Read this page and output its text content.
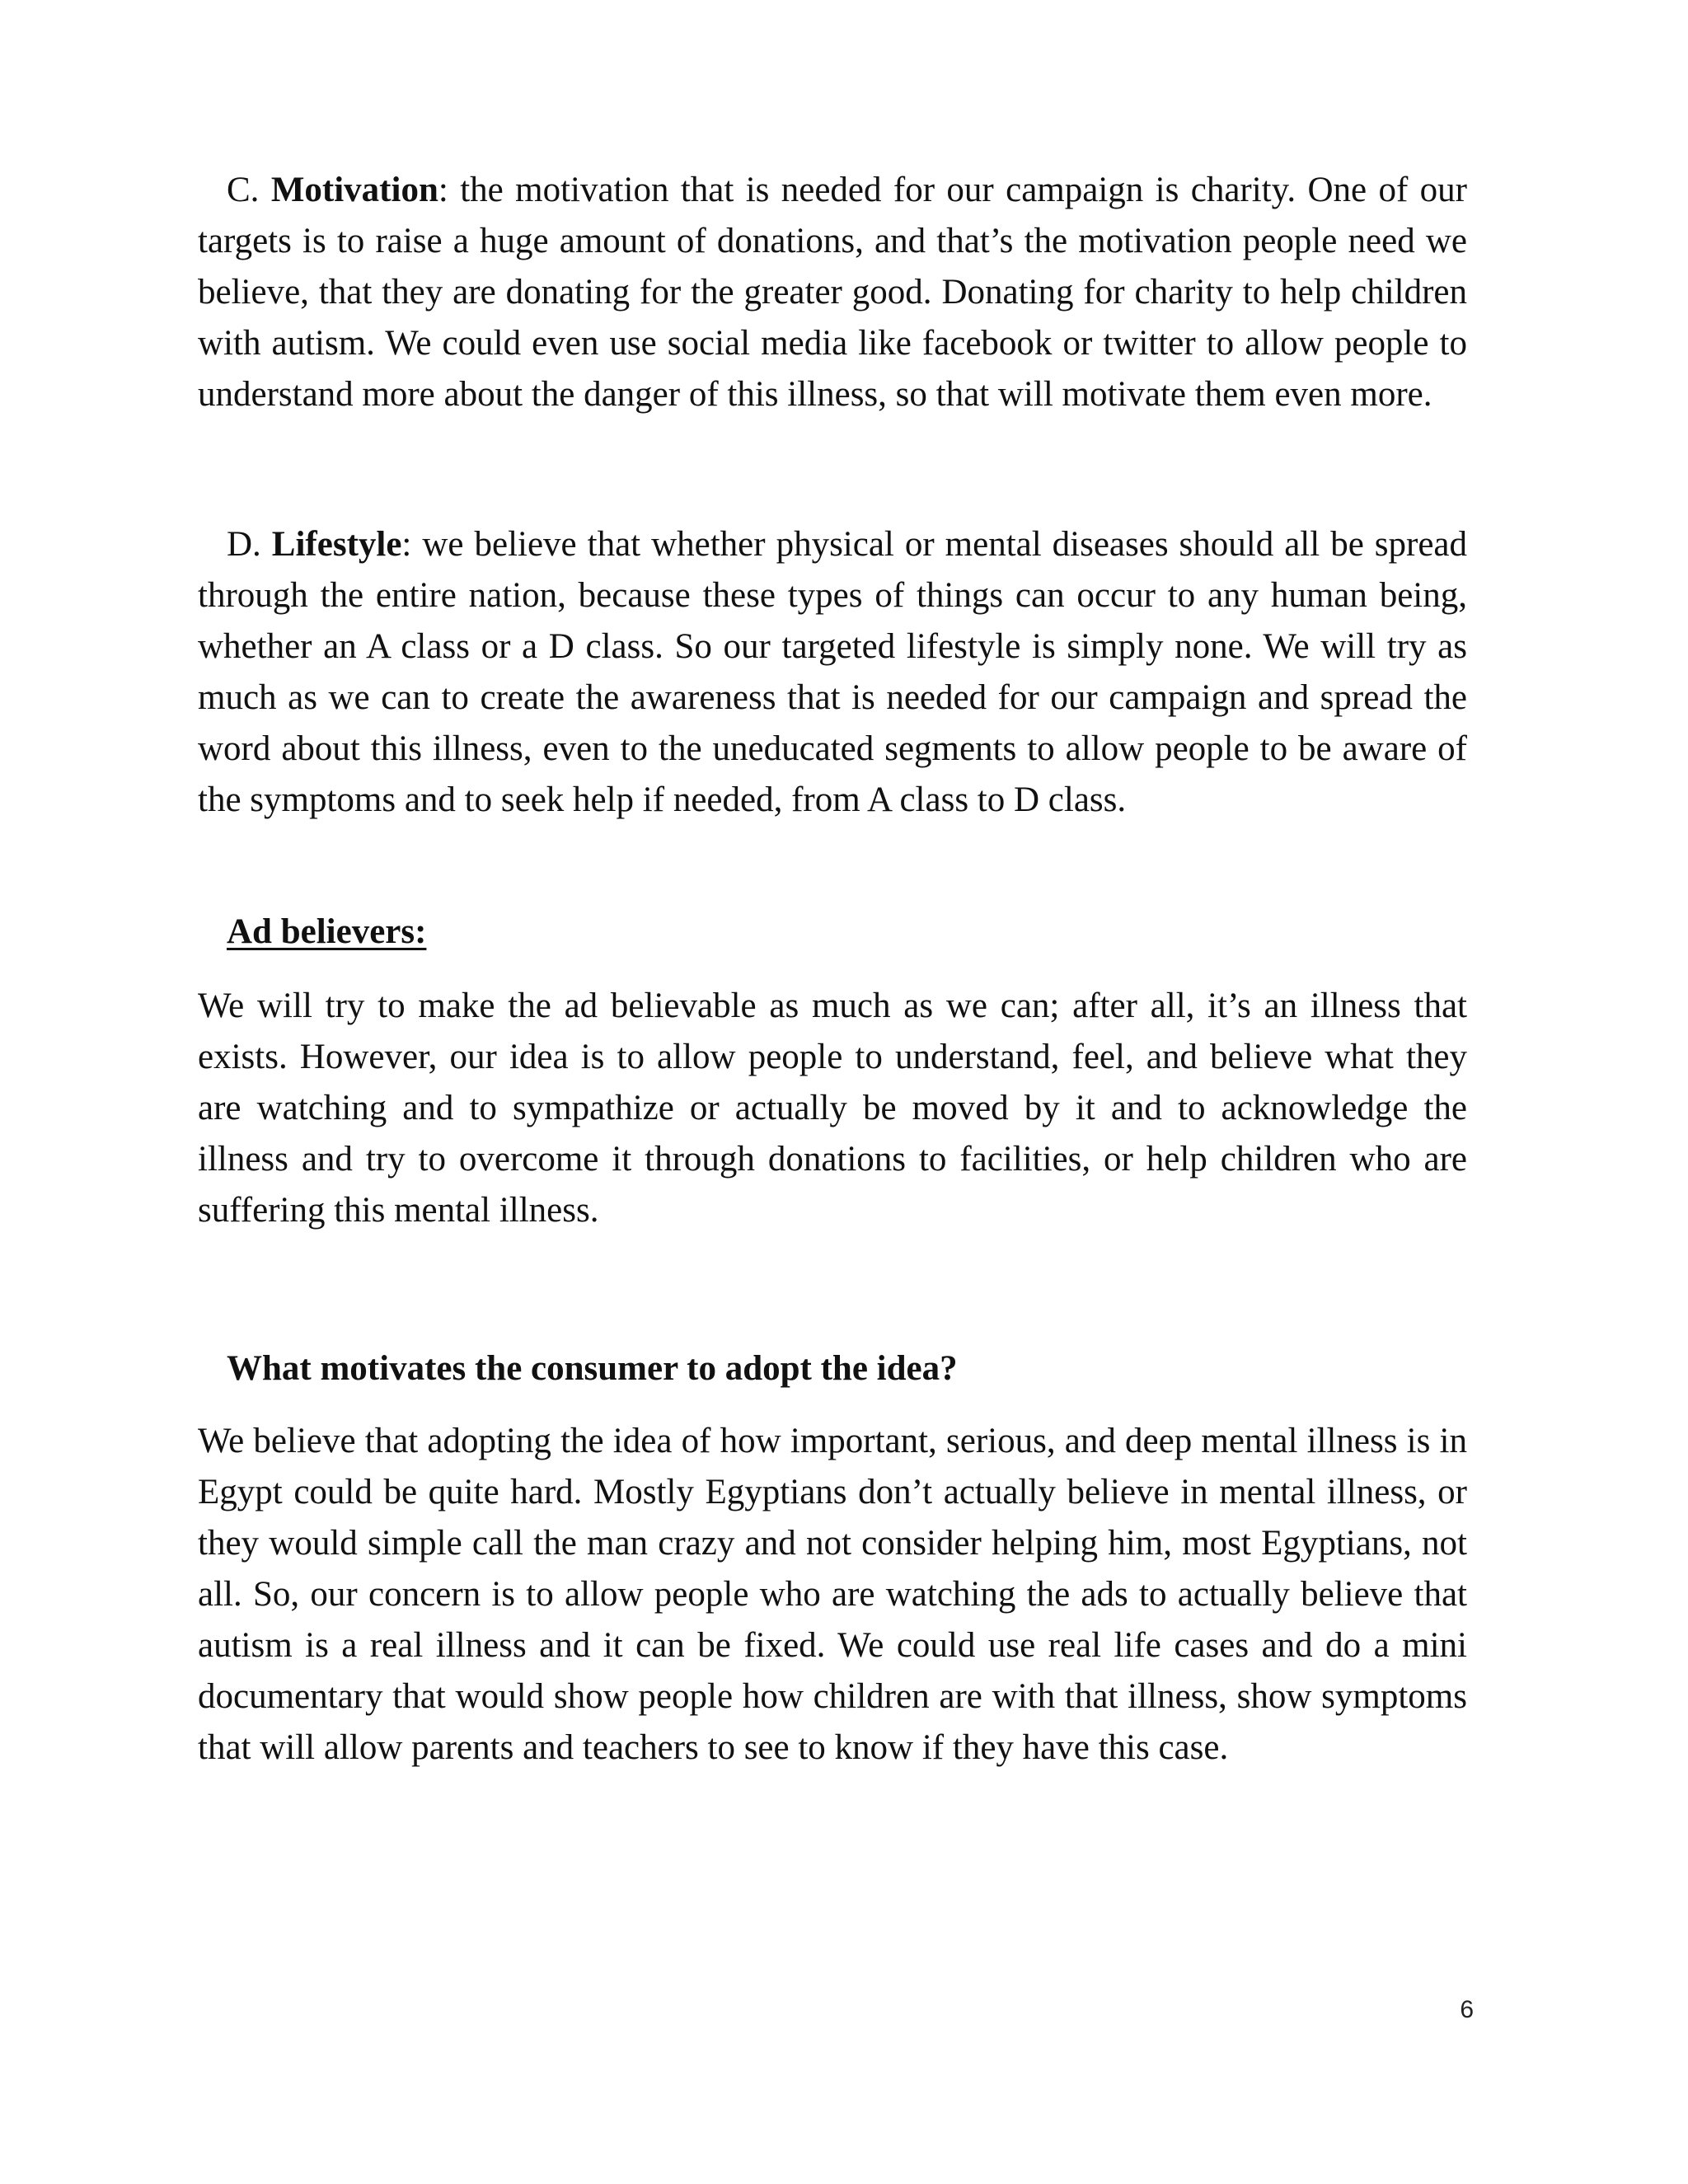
C. Motivation: the motivation that is needed for our campaign is charity. One of our targets is to raise a huge amount of donations, and that’s the motivation people need we believe, that they are donating for the greater good. Donating for charity to help children with autism. We could even use social media like facebook or twitter to allow people to understand more about the danger of this illness, so that will motivate them even more.

D. Lifestyle: we believe that whether physical or mental diseases should all be spread through the entire nation, because these types of things can occur to any human being, whether an A class or a D class. So our targeted lifestyle is simply none. We will try as much as we can to create the awareness that is needed for our campaign and spread the word about this illness, even to the uneducated segments to allow people to be aware of the symptoms and to seek help if needed, from A class to D class.

Ad believers:

We will try to make the ad believable as much as we can; after all, it’s an illness that exists. However, our idea is to allow people to understand, feel, and believe what they are watching and to sympathize or actually be moved by it and to acknowledge the illness and try to overcome it through donations to facilities, or help children who are suffering this mental illness.

What motivates the consumer to adopt the idea?

We believe that adopting the idea of how important, serious, and deep mental illness is in Egypt could be quite hard. Mostly Egyptians don’t actually believe in mental illness, or they would simple call the man crazy and not consider helping him, most Egyptians, not all. So, our concern is to allow people who are watching the ads to actually believe that autism is a real illness and it can be fixed. We could use real life cases and do a mini documentary that would show people how children are with that illness, show symptoms that will allow parents and teachers to see to know if they have this case.

6
